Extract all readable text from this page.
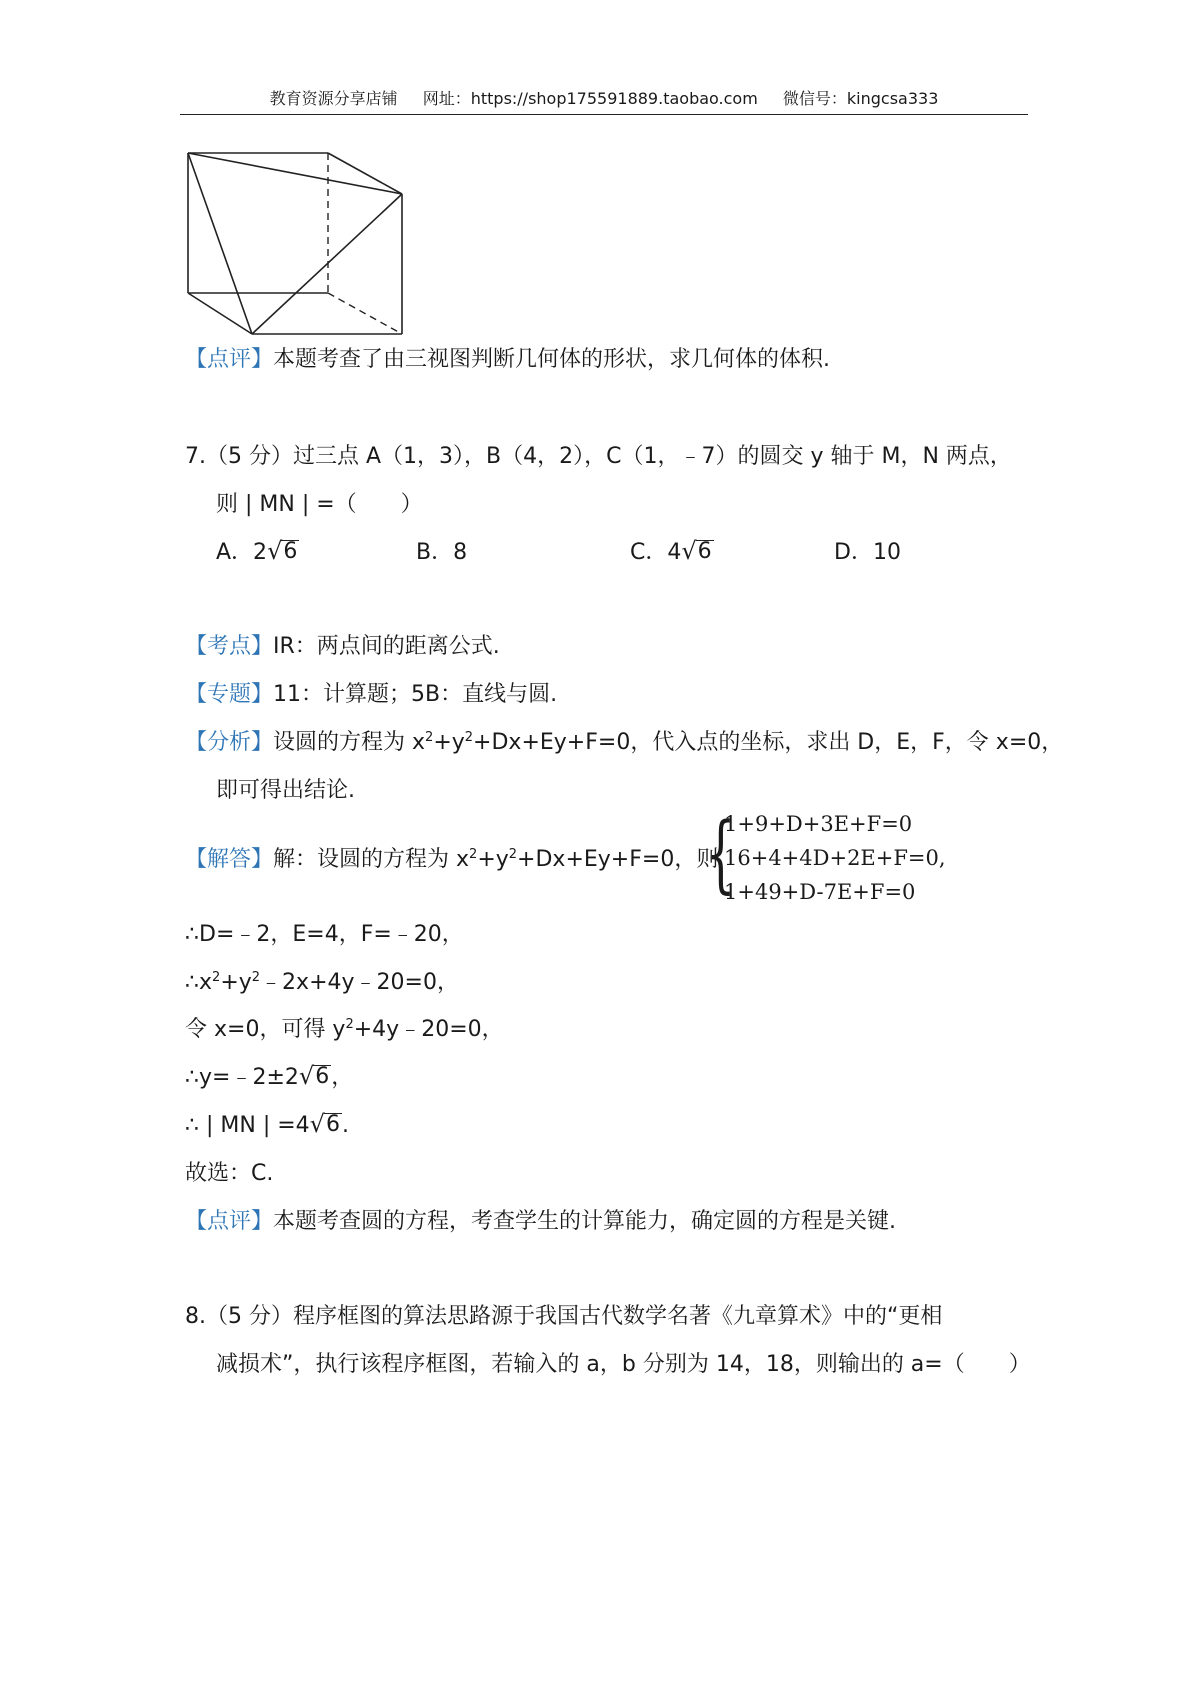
教育资源分享店铺 网址：https://shop175591889.taobao.com 微信号：kingcsa333
【点评】本题考查了由三视图判断几何体的形状，求几何体的体积.
7.（5 分）过三点 A（1，3），B（4，2），C（1，﹣7）的圆交 y 轴于 M，N 两点，
则 | MN | =（　　）
A．2 √ 6	B．8	C．4 √ 6	D．10
【考点】IR：两点间的距离公式.
【专题】11：计算题；5B：直线与圆.
【分析】设圆的方程为 $x^2+y^2+Dx+Ey+F=0$，代入点的坐标，求出 D，E，F，令 x=0，
即可得出结论.
【解答】解：设圆的方程为 $x^2+y^2+Dx+Ey+F=0$，则
{
1+9+D+3E+F=0
16+4+4D+2E+F=0,
1+49+D-7E+F=0
∴D=﹣2，E=4，F=﹣20，
$\therefore x^2+y^2﹣2x+4y﹣20=0$，
令 x=0，可得 $y^2+4y﹣20=0$，
∴y=﹣2±2 √ 6 ，
∴ | MN | =4 √ 6 .
故选：C.
【点评】本题考查圆的方程，考查学生的计算能力，确定圆的方程是关键.
8.（5 分）程序框图的算法思路源于我国古代数学名著《九章算术》中的“更相
减损术”，执行该程序框图，若输入的 a，b 分别为 14，18，则输出的 a=（　　）
